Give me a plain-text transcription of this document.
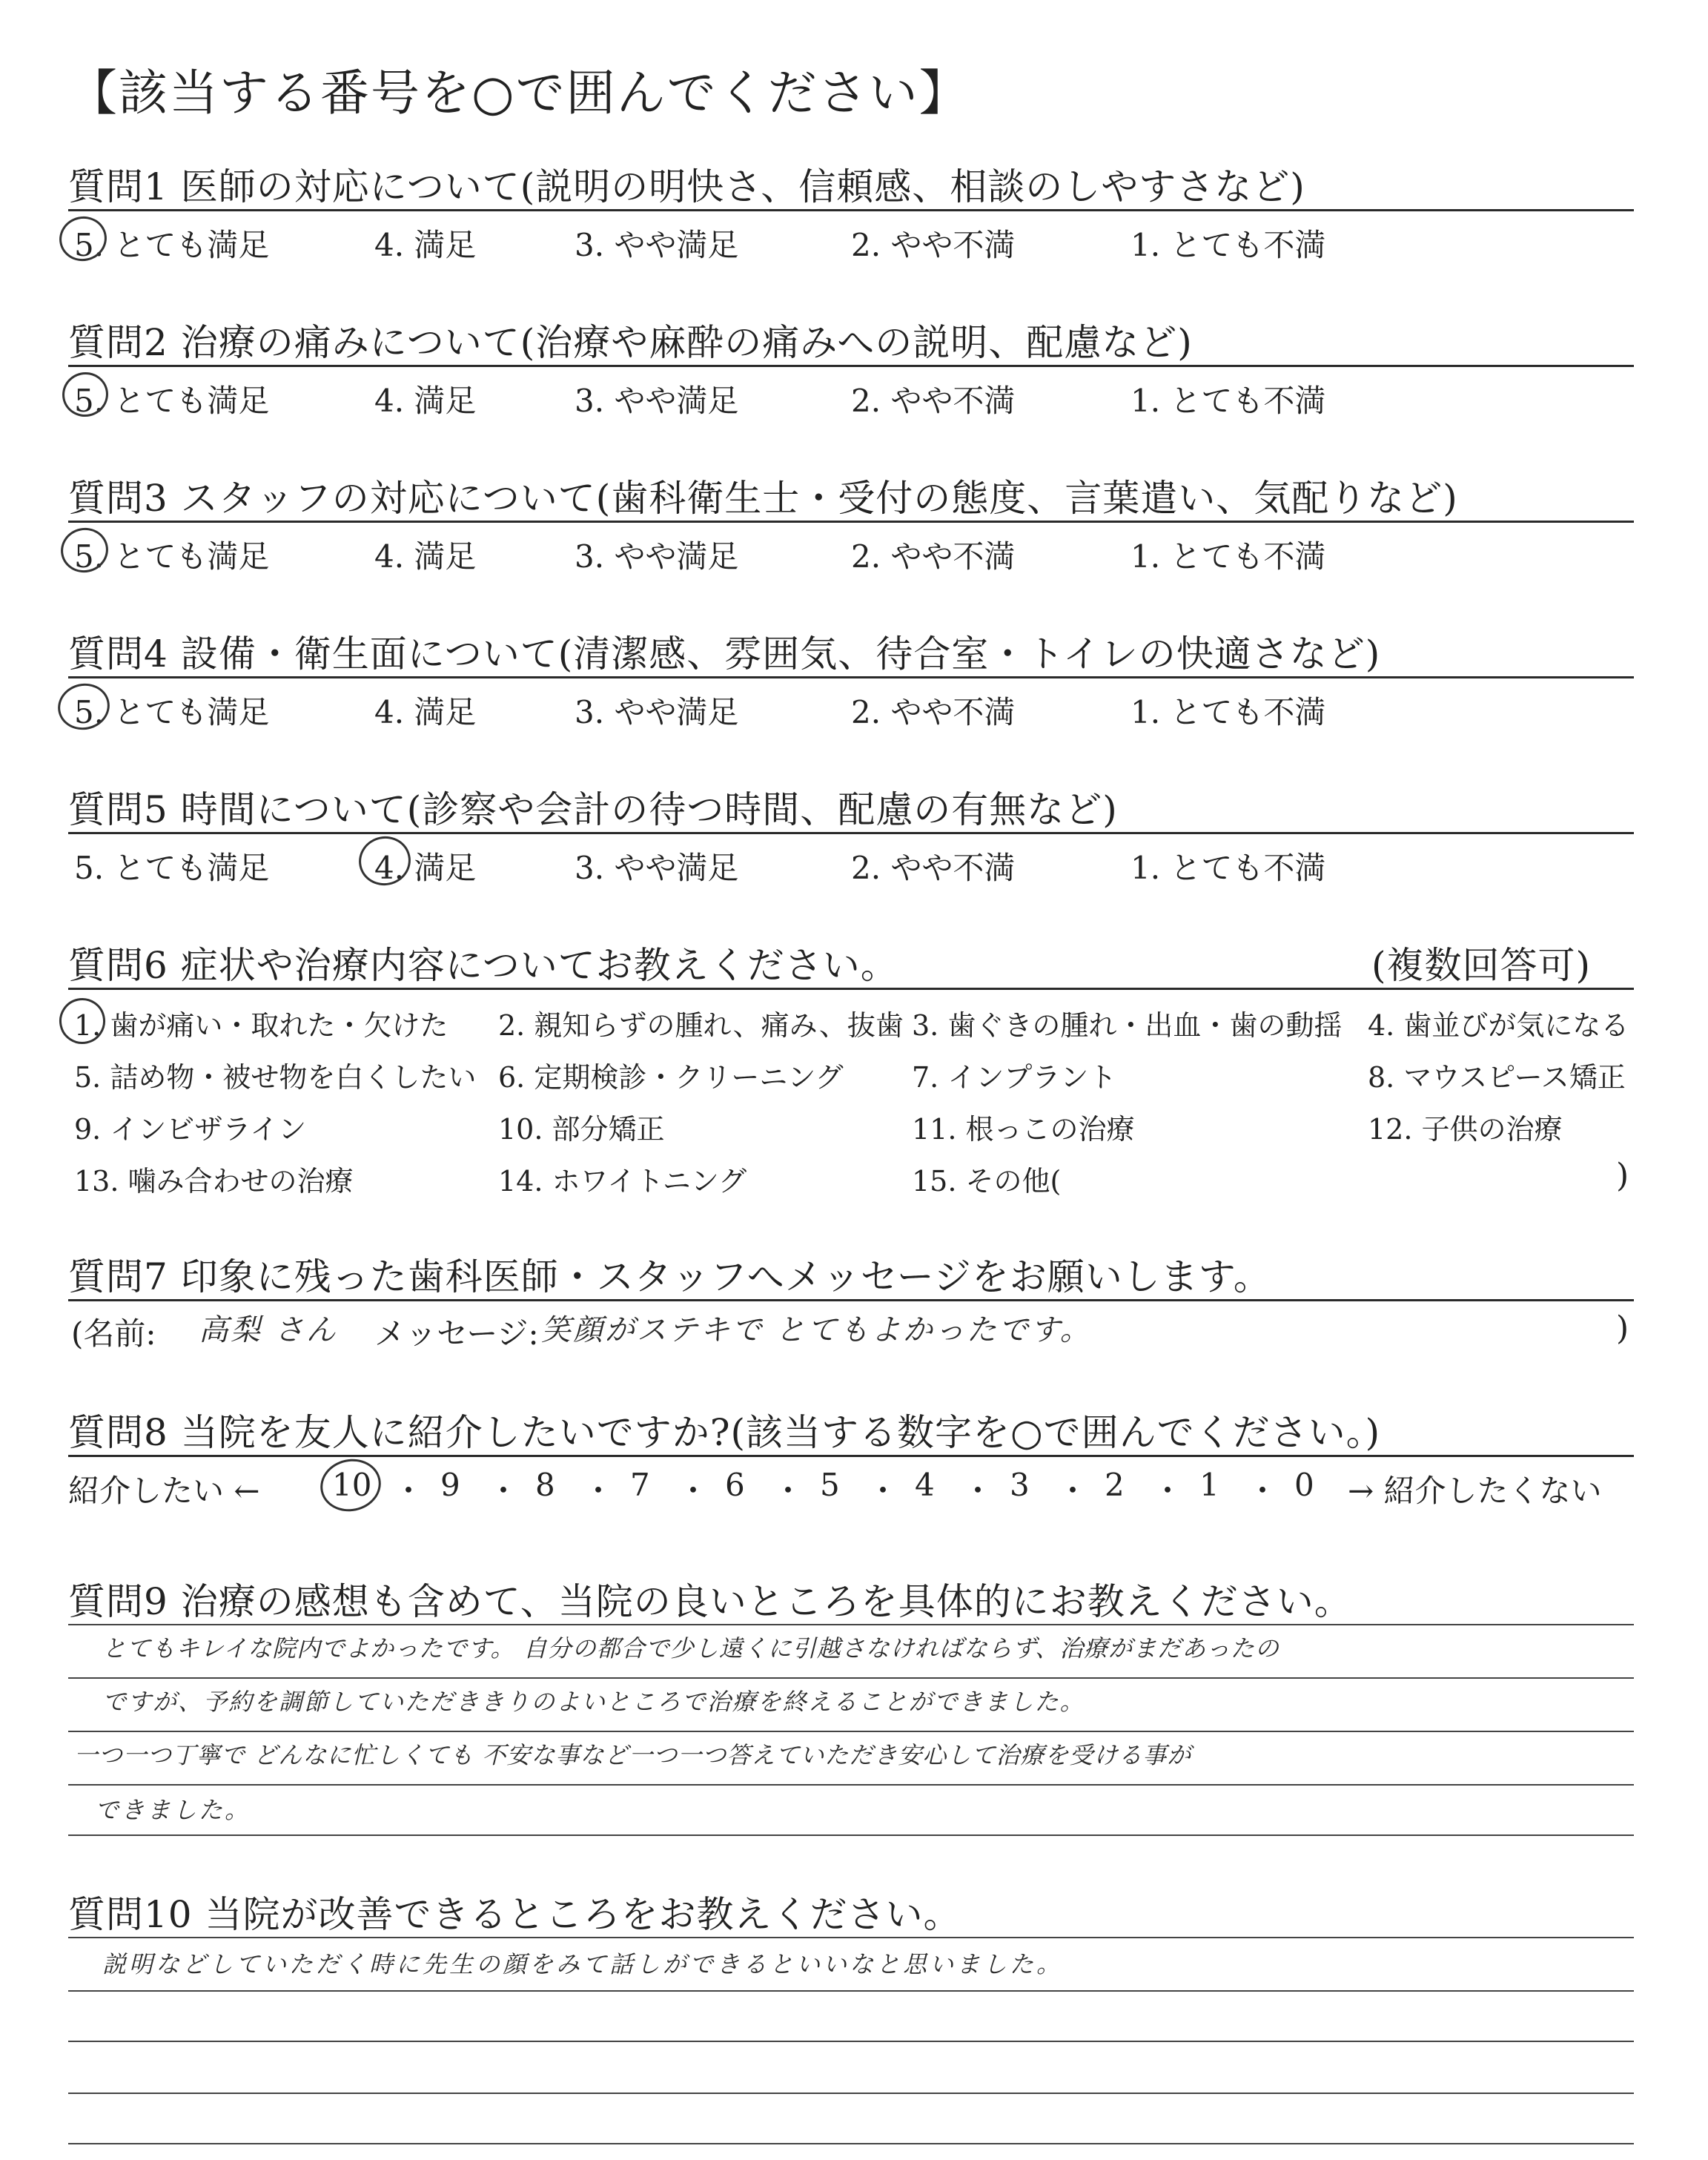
【該当する番号を○で囲んでください】
質問1 医師の対応について(説明の明快さ、信頼感、相談のしやすさなど)
5. とても満足	4. 満足	3. やや満足	2. やや不満	1. とても不満
質問2 治療の痛みについて(治療や麻酔の痛みへの説明、配慮など)
5. とても満足	4. 満足	3. やや満足	2. やや不満	1. とても不満
質問3 スタッフの対応について(歯科衛生士・受付の態度、言葉遣い、気配りなど)
5. とても満足	4. 満足	3. やや満足	2. やや不満	1. とても不満
質問4 設備・衛生面について(清潔感、雰囲気、待合室・トイレの快適さなど)
5. とても満足	4. 満足	3. やや満足	2. やや不満	1. とても不満
質問5 時間について(診察や会計の待つ時間、配慮の有無など)
5. とても満足	4. 満足	3. やや満足	2. やや不満	1. とても不満
質問6 症状や治療内容についてお教えください。	(複数回答可)
1. 歯が痛い・取れた・欠けた 2. 親知らずの腫れ、痛み、抜歯 3. 歯ぐきの腫れ・出血・歯の動揺 4. 歯並びが気になる
5. 詰め物・被せ物を白くしたい 6. 定期検診・クリーニング 7. インプラント	8. マウスピース矯正
9. インビザライン	10. 部分矯正	11. 根っこの治療	12. 子供の治療
13. 噛み合わせの治療	14. ホワイトニング	15. その他(	)
質問7 印象に残った歯科医師・スタッフへメッセージをお願いします。
(名前: 高梨 さん メッセージ: 笑顔がステキで とてもよかったです。	)
質問8 当院を友人に紹介したいですか?(該当する数字を○で囲んでください。)
紹介したい ← 10 ・ 9 ・ 8 ・ 7 ・ 6 ・ 5 ・ 4 ・ 3 ・ 2 ・ 1 ・ 0 → 紹介したくない
質問9 治療の感想も含めて、当院の良いところを具体的にお教えください。
とてもキレイな院内でよかったです。 自分の都合で少し遠くに引越さなければならず、治療がまだあったの
ですが、予約を調節していただききりのよいところで治療を終えることができました。
一つ一つ丁寧で どんなに忙しくても 不安な事など一つ一つ答えていただき安心して治療を受ける事が
できました。
質問10 当院が改善できるところをお教えください。
説明などしていただく時に先生の顔をみて話しができるといいなと思いました。
